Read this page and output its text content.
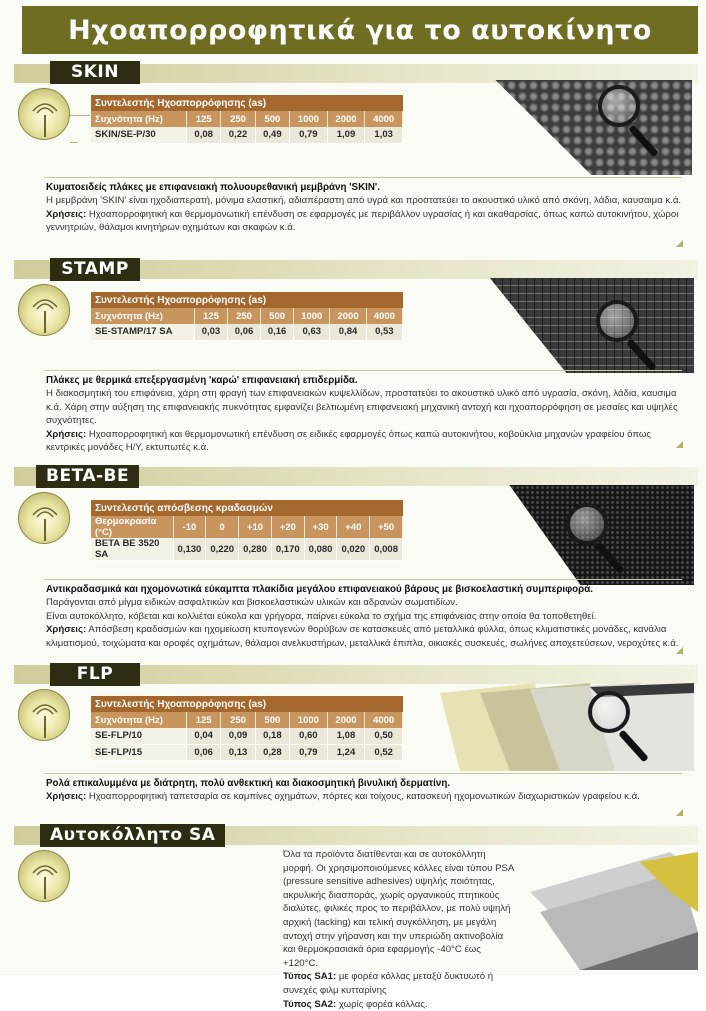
Ηχοαπορροφητικά για το αυτοκίνητο
SKIN
Συντελεστής Ηχοαπορρόφησης (as)						
Συχνότητα (Hz)	125	250	500	1000	2000	4000
SKIN/SE-P/30	0,08	0,22	0,49	0,79	1,09	1,03
Κυματοειδείς πλάκες με επιφανειακή πολυουρεθανική μεμβράνη 'SKIN'.
Η μεμβράνη 'SKIN' είναι ηχοδιαπερατή, μόνιμα ελαστική, αδιαπέραστη από υγρά και προστατεύει το ακουστικό υλικό από σκόνη, λάδια, καυσαιμα κ.ά.
Χρήσεις: Ηχοαπορροφητική και θερμομονωτική επένδυση σε εφαρμογές με περιβάλλον υγρασίας ή και ακαθαρσίας, όπως καπώ αυτοκινήτου, χώροι γεννητριών, θάλαμοι κινητήρων οχημάτων και σκαφών κ.ά.
STAMP
Συντελεστής Ηχοαπορρόφησης (as)						
Συχνότητα (Hz)	125	250	500	1000	2000	4000
SE-STAMP/17 SA	0,03	0,06	0,16	0,63	0,84	0,53
Πλάκες με θερμικά επεξεργασμένη 'καρώ' επιφανειακή επιδερμίδα.
Η διακοσμητική του επιφάνεια, χάρη στη φραγή των επιφανειακών κυψελλίδων, προστατεύει το ακουστικό υλικό από υγρασία, σκόνη, λάδια, καυσιμα κ.ά. Χάρη στην αύξηση της επιφανειακής πυκνότητας εμφανίζει βελτιωμένη επιφανειακή μηχανική αντοχή και ηχοαπορρόφηση σε μεσαίες και υψηλές συχνότητες.
Χρήσεις: Ηχοαπορροφητική και θερμομονωτική επένδυση σε ειδικές εφαρμογές όπως καπώ αυτοκινήτου, κοβούκλια μηχανών γραφείου όπως κεντρικές μονάδες Η/Υ, εκτυπωτές κ.ά.
BETA-BE
Συντελεστής απόσβεσης κραδασμών							
Θερμοκρασία (°C)	-10	0	+10	+20	+30	+40	+50
BETA BE 3520 SA	0,130	0,220	0,280	0,170	0,080	0,020	0,008
Αντικραδασμικά και ηχομονωτικά εύκαμπτα πλακίδια μεγάλου επιφανειακού βάρους με βισκοελαστική συμπεριφορά.
Παράγονται από μίγμα ειδικών ασφαλτικών και βισκοελαστικών υλικών και αδρανών σωματιδίων.
Είναι αυτοκόλλητο, κόβεται και κολλιέται εύκολα και γρήγορα, παίρνει εύκολα το σχήμα της επιφάνειας στην οποία θα τοποθετηθεί.
Χρήσεις: Απόσβεση κραδασμών και ηχομείωση κτυπογενών θορύβων σε κατασκευές από μεταλλικά φύλλα, όπως κλιματιστικές μονάδες, κανάλια κλιματισμού, τοιχώματα και οροφές οχημάτων, θάλαμοι ανελκυστήρων, μεταλλικά έπιπλα, οικιακές συσκευές, σωλήνες αποχετεύσεων, νεροχύτες κ.ά.
FLP
Συντελεστής Ηχοαπορρόφησης (as)						
Συχνότητα (Hz)	125	250	500	1000	2000	4000
SE-FLP/10	0,04	0,09	0,18	0,60	1,08	0,50
SE-FLP/15	0,06	0,13	0,28	0,79	1,24	0,52
Ρολά επικαλυμμένα με διάτρητη, πολύ ανθεκτική και διακοσμητική βινυλική δερματίνη.
Χρήσεις: Ηχοαπορροφητική ταπετσαρία σε καμπίνες οχημάτων, πόρτες και τοίχους, κατασκευή ηχομονωτικών διαχωριστικών γραφείου κ.ά.
Αυτοκόλλητο SA
Όλα τα προϊόντα διατίθενται και σε αυτοκόλλητη μορφή. Οι χρησιμοποιούμενες κόλλες είναι τύπου PSA (pressure sensitive adhesives) υψηλής ποιότητας, ακρυλικής διασποράς, χωρίς οργανικούς πτητικούς διαλύτες, φιλικές προς το περιβάλλον, με πολύ υψηλή αρχική (tacking) και τελική συγκόλληση, με μεγάλη αντοχή στην γήρανση και την υπεριώδη ακτινοβολία και θερμοκρασιακά όρια εφαρμογής -40°C έως +120°C.
Τύπος SA1: με φορέα κόλλας μεταξύ δυκτυωτό ή συνεχές φιλμ κυτταρίνης
Τύπος SA2: χωρίς φορέα κόλλας.
